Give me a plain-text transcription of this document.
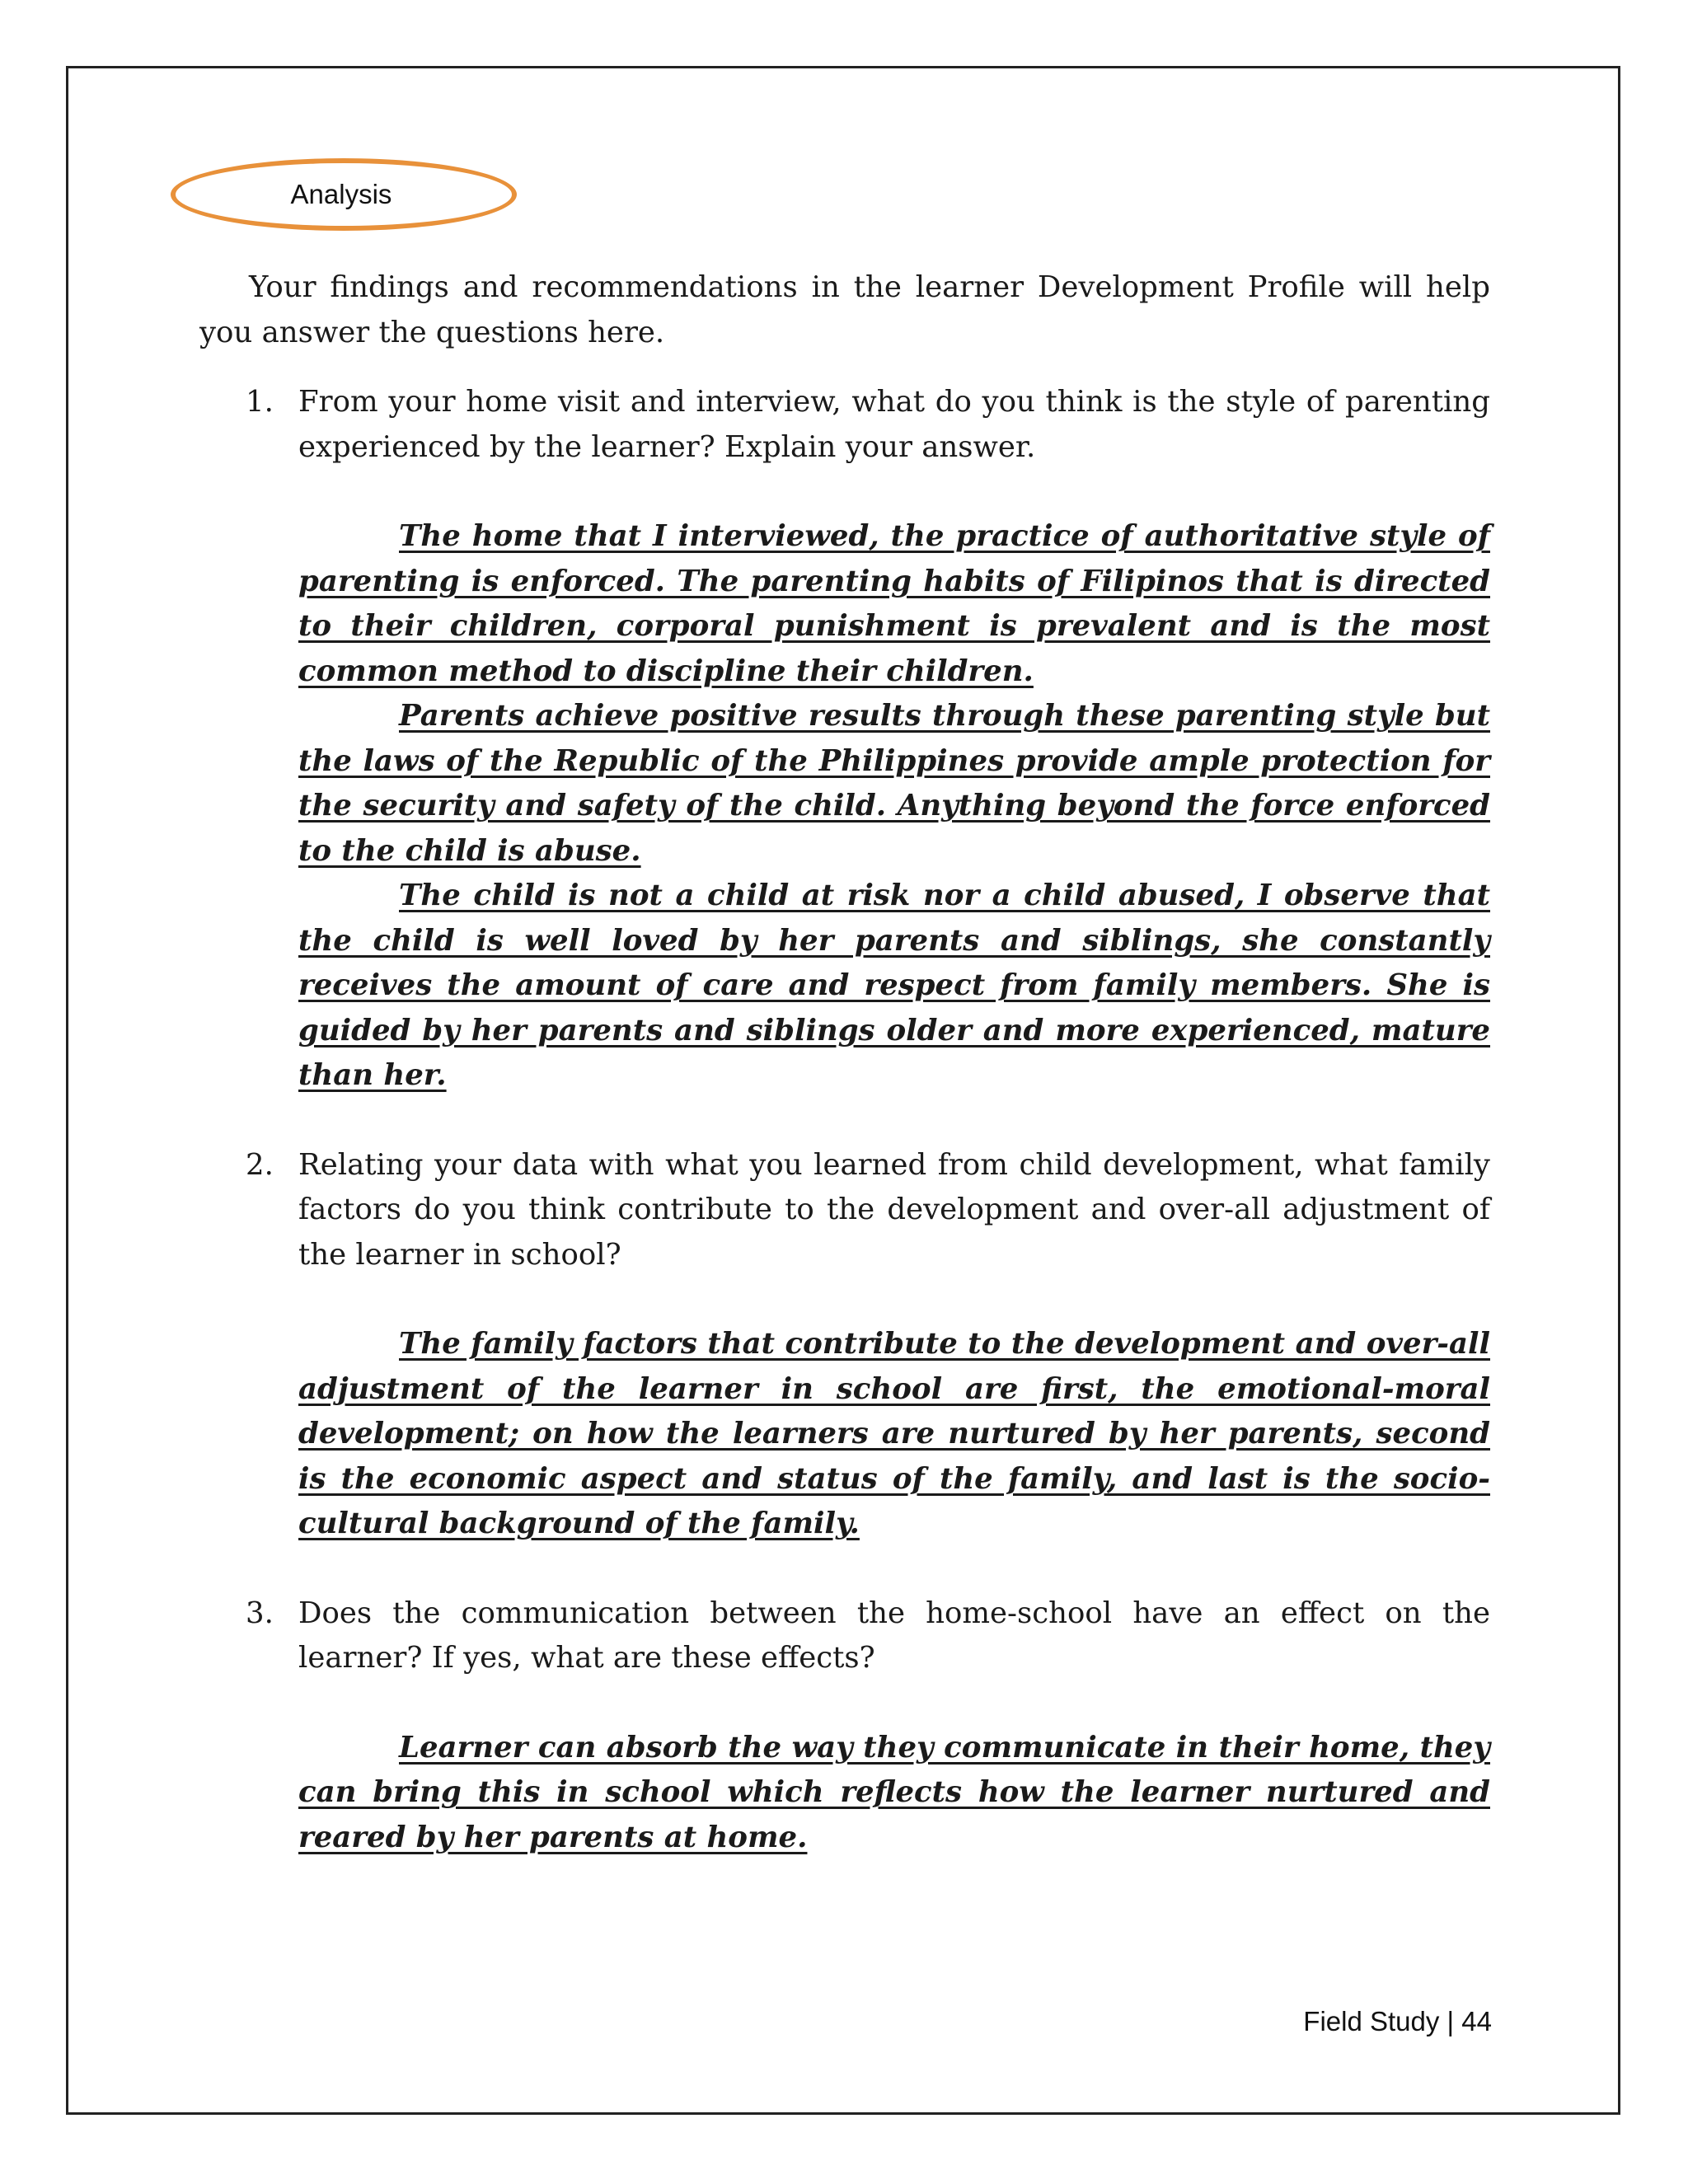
Analysis

Your findings and recommendations in the learner Development Profile will help you answer the questions here.

1. From your home visit and interview, what do you think is the style of parenting experienced by the learner? Explain your answer.

The home that I interviewed, the practice of authoritative style of parenting is enforced. The parenting habits of Filipinos that is directed to their children, corporal punishment is prevalent and is the most common method to discipline their children.

Parents achieve positive results through these parenting style but the laws of the Republic of the Philippines provide ample protection for the security and safety of the child. Anything beyond the force enforced to the child is abuse.

The child is not a child at risk nor a child abused, I observe that the child is well loved by her parents and siblings, she constantly receives the amount of care and respect from family members. She is guided by her parents and siblings older and more experienced, mature than her.

2. Relating your data with what you learned from child development, what family factors do you think contribute to the development and over-all adjustment of the learner in school?

The family factors that contribute to the development and over-all adjustment of the learner in school are first, the emotional-moral development; on how the learners are nurtured by her parents, second is the economic aspect and status of the family, and last is the socio-cultural background of the family.

3. Does the communication between the home-school have an effect on the learner? If yes, what are these effects?

Learner can absorb the way they communicate in their home, they can bring this in school which reflects how the learner nurtured and reared by her parents at home.

Field Study | 44
